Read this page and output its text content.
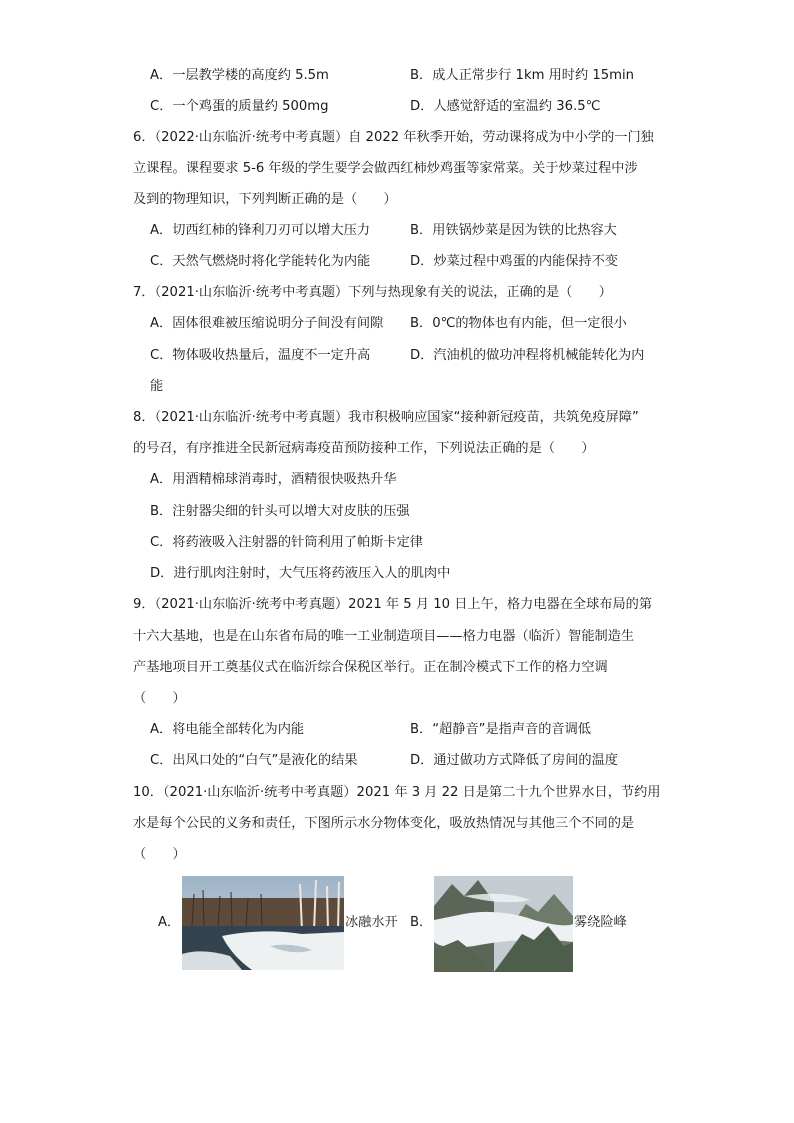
A．一层教学楼的高度约 5.5m	B．成人正常步行 1km 用时约 15min
C．一个鸡蛋的质量约 500mg	D．人感觉舒适的室温约 36.5℃
6．（2022·山东临沂·统考中考真题）自 2022 年秋季开始，劳动课将成为中小学的一门独
立课程。课程要求 5-6 年级的学生要学会做西红柿炒鸡蛋等家常菜。关于炒菜过程中涉
及到的物理知识，下列判断正确的是（　　）
A．切西红柿的锋利刀刃可以增大压力	B．用铁锅炒菜是因为铁的比热容大
C．天然气燃烧时将化学能转化为内能	D．炒菜过程中鸡蛋的内能保持不变
7．（2021·山东临沂·统考中考真题）下列与热现象有关的说法，正确的是（　　）
A．固体很难被压缩说明分子间没有间隙 B．0℃的物体也有内能，但一定很小
C．物体吸收热量后，温度不一定升高	D．汽油机的做功冲程将机械能转化为内
能
8．（2021·山东临沂·统考中考真题）我市积极响应国家“接种新冠疫苗，共筑免疫屏障”
的号召，有序推进全民新冠病毒疫苗预防接种工作，下列说法正确的是（　　）
A．用酒精棉球消毒时，酒精很快吸热升华
B．注射器尖细的针头可以增大对皮肤的压强
C．将药液吸入注射器的针筒利用了帕斯卡定律
D．进行肌肉注射时，大气压将药液压入人的肌肉中
9．（2021·山东临沂·统考中考真题）2021 年 5 月 10 日上午，格力电器在全球布局的第
十六大基地，也是在山东省布局的唯一工业制造项目——格力电器（临沂）智能制造生
产基地项目开工奠基仪式在临沂综合保税区举行。正在制冷模式下工作的格力空调
（　　）
A．将电能全部转化为内能	B．“超静音”是指声音的音调低
C．出风口处的“白气”是液化的结果	D．通过做功方式降低了房间的温度
10．（2021·山东临沂·统考中考真题）2021 年 3 月 22 日是第二十九个世界水日，节约用
水是每个公民的义务和责任，下图所示水分物体变化，吸放热情况与其他三个不同的是
（　　）
A．	冰融水开 B．	雾绕险峰
